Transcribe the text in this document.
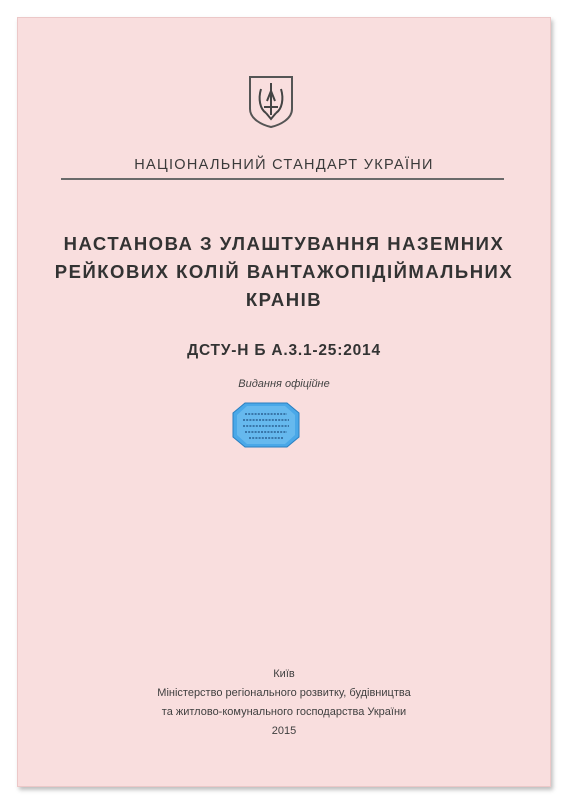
НАЦІОНАЛЬНИЙ СТАНДАРТ УКРАЇНИ
НАСТАНОВА З УЛАШТУВАННЯ НАЗЕМНИХ
РЕЙКОВИХ КОЛІЙ ВАНТАЖОПІДІЙМАЛЬНИХ
КРАНІВ
ДСТУ-Н Б А.3.1-25:2014
Видання офіційне
Київ
Міністерство регіонального розвитку, будівництва
та житлово-комунального господарства України
2015
